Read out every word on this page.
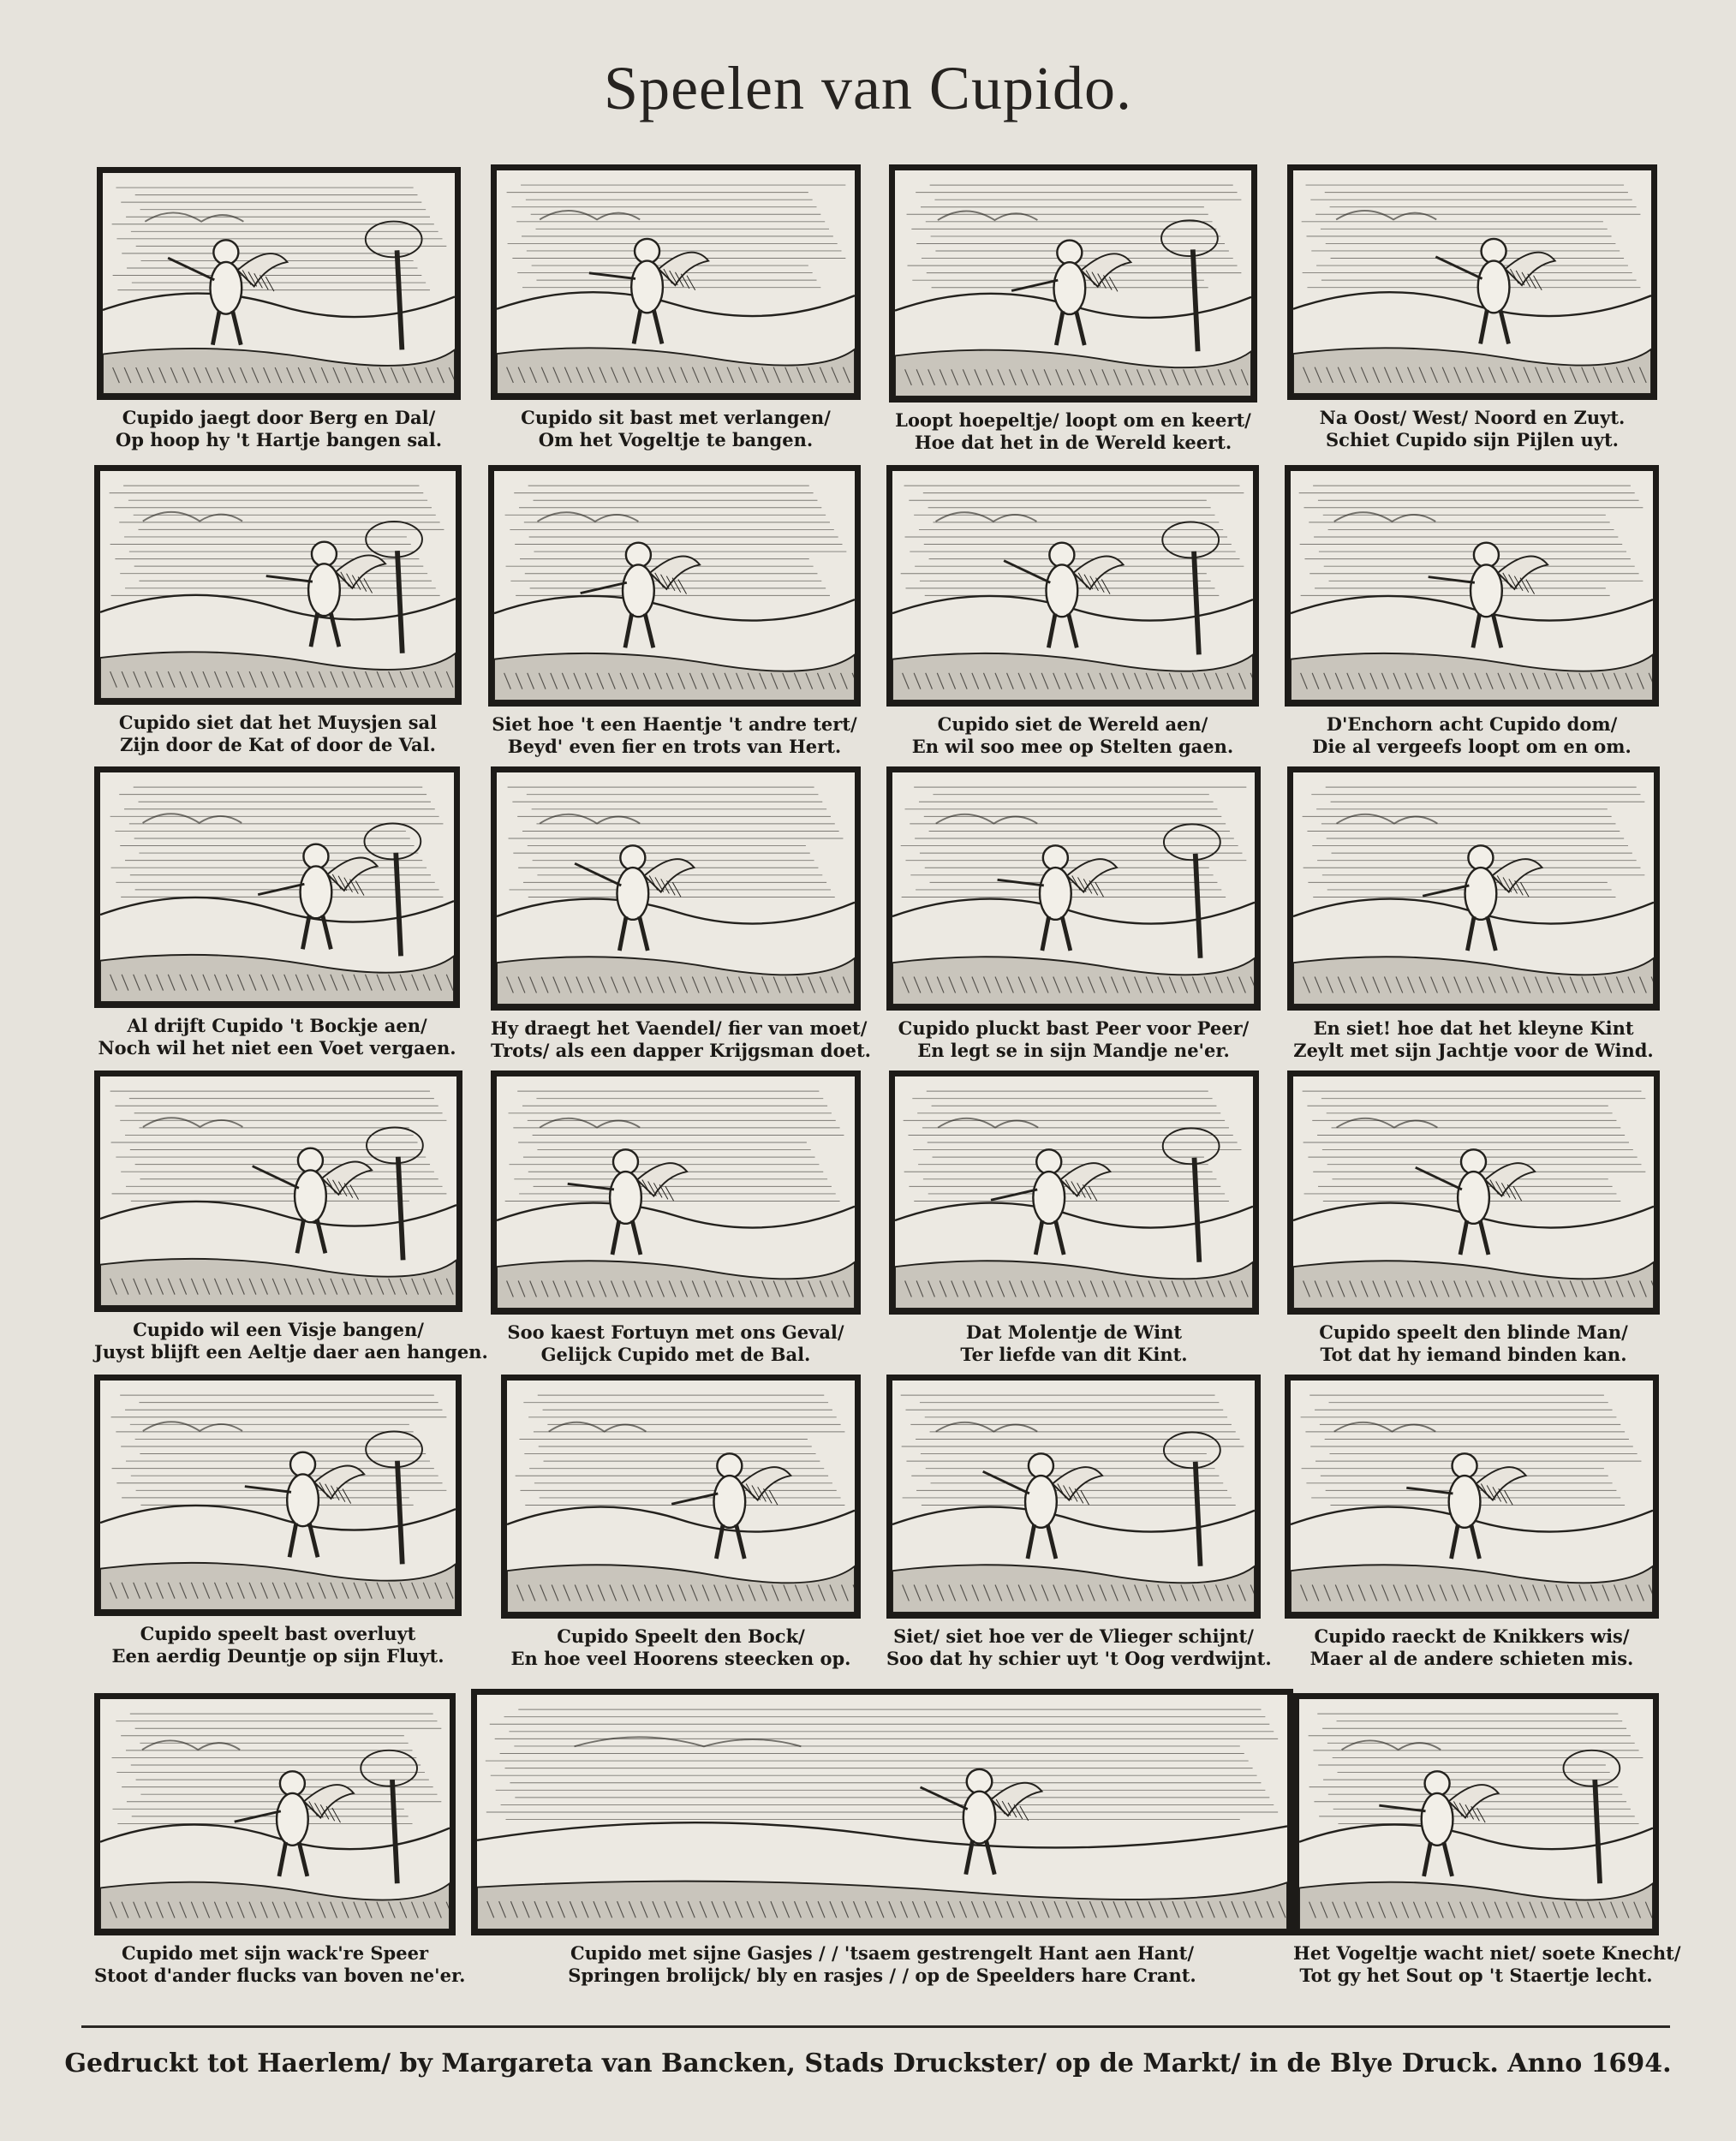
Speelen van Cupido.
Cupido jaegt door Berg en Dal/
Op hoop hy 't Hartje bangen sal.
Cupido sit bast met verlangen/
Om het Vogeltje te bangen.
Loopt hoepeltje/ loopt om en keert/
Hoe dat het in de Wereld keert.
Na Oost/ West/ Noord en Zuyt.
Schiet Cupido sijn Pijlen uyt.
Cupido siet dat het Muysjen sal
Zijn door de Kat of door de Val.
Siet hoe 't een Haentje 't andre tert/
Beyd' even fier en trots van Hert.
Cupido siet de Wereld aen/
En wil soo mee op Stelten gaen.
D'Enchorn acht Cupido dom/
Die al vergeefs loopt om en om.
Al drijft Cupido 't Bockje aen/
Noch wil het niet een Voet vergaen.
Hy draegt het Vaendel/ fier van moet/
Trots/ als een dapper Krijgsman doet.
Cupido pluckt bast Peer voor Peer/
En legt se in sijn Mandje ne'er.
En siet! hoe dat het kleyne Kint
Zeylt met sijn Jachtje voor de Wind.
Cupido wil een Visje bangen/
Juyst blijft een Aeltje daer aen hangen.
Soo kaest Fortuyn met ons Geval/
Gelijck Cupido met de Bal.
Dat Molentje de Wint
Ter liefde van dit Kint.
Cupido speelt den blinde Man/
Tot dat hy iemand binden kan.
Cupido speelt bast overluyt
Een aerdig Deuntje op sijn Fluyt.
Cupido Speelt den Bock/
En hoe veel Hoorens steecken op.
Siet/ siet hoe ver de Vlieger schijnt/
Soo dat hy schier uyt 't Oog verdwijnt.
Cupido raeckt de Knikkers wis/
Maer al de andere schieten mis.
Cupido met sijn wack're Speer
Stoot d'ander flucks van boven ne'er.
Cupido met sijne Gasjes / / 'tsaem gestrengelt Hant aen Hant/
Springen brolijck/ bly en rasjes / / op de Speelders hare Crant.
Het Vogeltje wacht niet/ soete Knecht/
Tot gy het Sout op 't Staertje lecht.
Gedruckt tot Haerlem/ by Margareta van Bancken, Stads Druckster/ op de Markt/ in de Blye Druck. Anno 1694.
